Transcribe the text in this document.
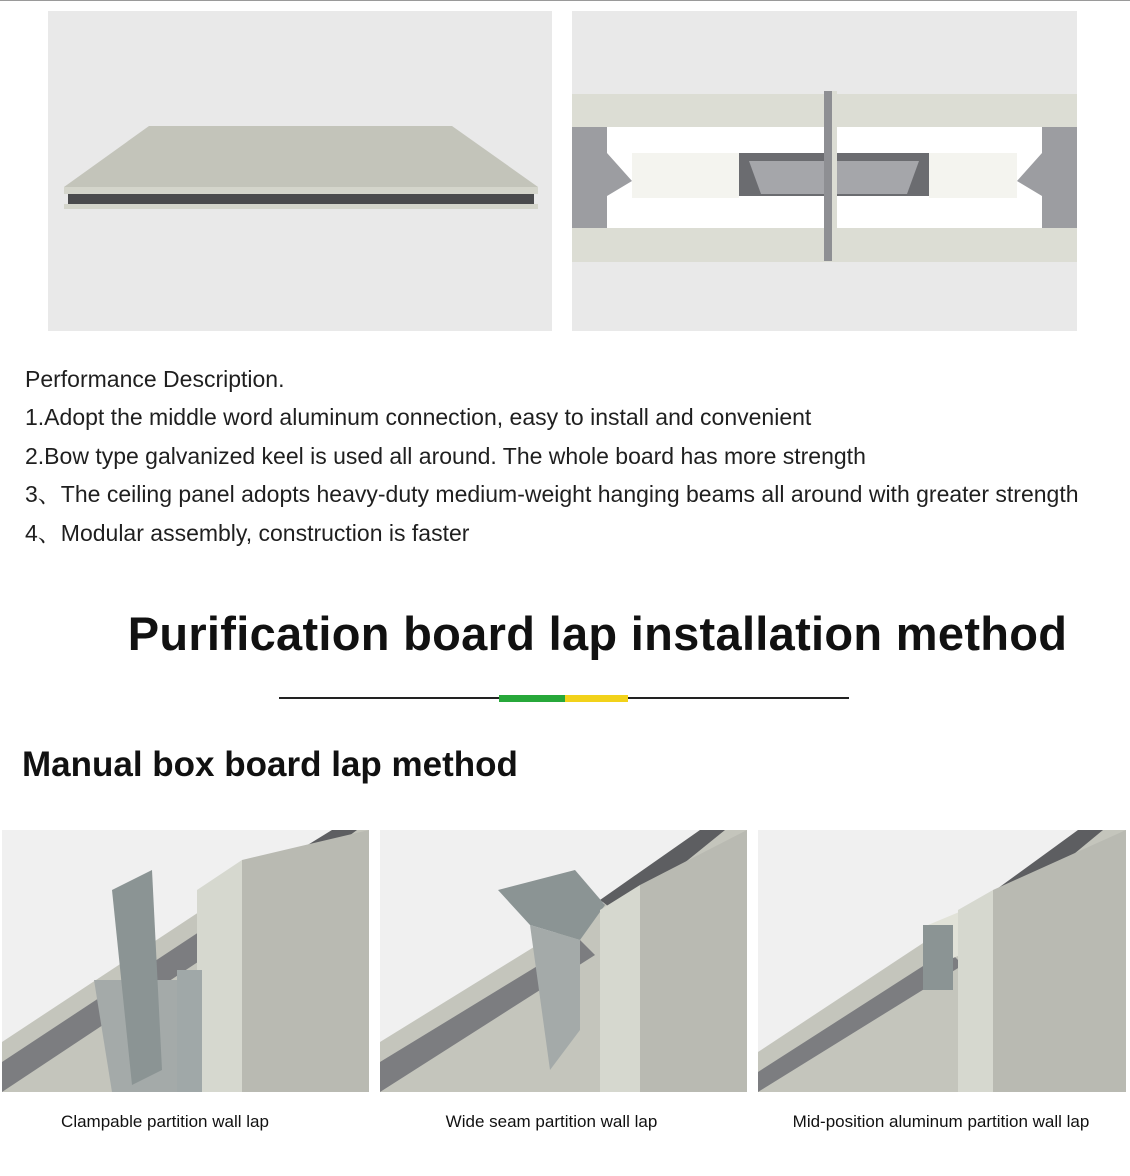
Performance Description.

1.Adopt the middle word aluminum connection, easy to install and convenient

2.Bow type galvanized keel is used all around. The whole board has more strength

3、The ceiling panel adopts heavy-duty medium-weight hanging beams all around with greater strength

4、Modular assembly, construction is faster

Purification board lap installation method
Manual box board lap method
Clampable partition wall lap	Wide seam partition wall lap	Mid-position aluminum partition wall lap
